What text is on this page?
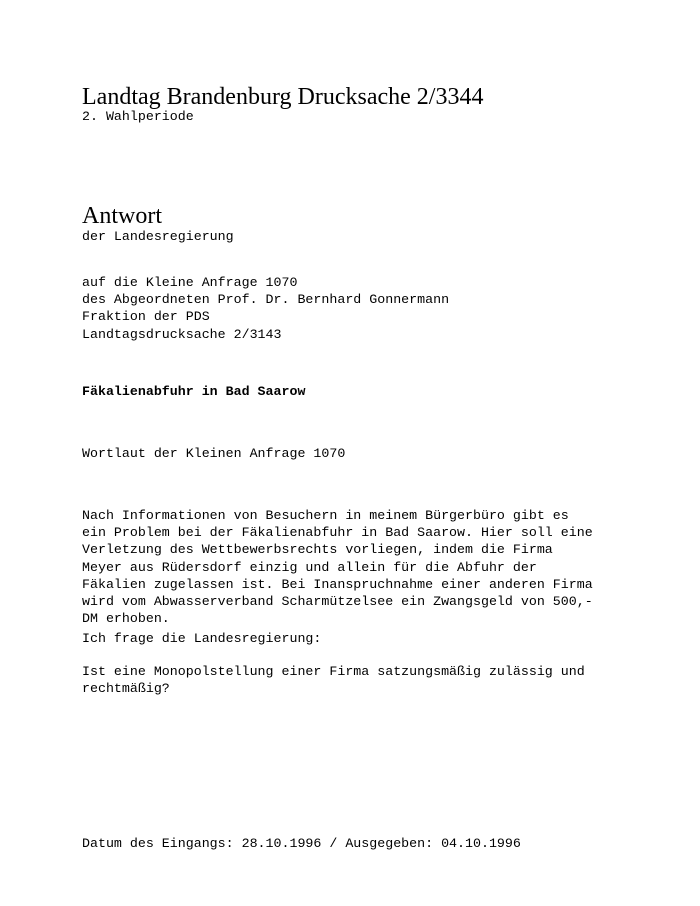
Landtag Brandenburg Drucksache 2/3344
2. Wahlperiode
Antwort
der Landesregierung
auf die Kleine Anfrage 1070
des Abgeordneten Prof. Dr. Bernhard Gonnermann
Fraktion der PDS
Landtagsdrucksache 2/3143
Fäkalienabfuhr in Bad Saarow
Wortlaut der Kleinen Anfrage 1070
Nach Informationen von Besuchern in meinem Bürgerbüro gibt es
ein Problem bei der Fäkalienabfuhr in Bad Saarow. Hier soll eine
Verletzung des Wettbewerbsrechts vorliegen, indem die Firma
Meyer aus Rüdersdorf einzig und allein für die Abfuhr der
Fäkalien zugelassen ist. Bei Inanspruchnahme einer anderen Firma
wird vom Abwasserverband Scharmützelsee ein Zwangsgeld von 500,-
DM erhoben.
Ich frage die Landesregierung:
Ist eine Monopolstellung einer Firma satzungsmäßig zulässig und
rechtmäßig?
Datum des Eingangs: 28.10.1996 / Ausgegeben: 04.10.1996
